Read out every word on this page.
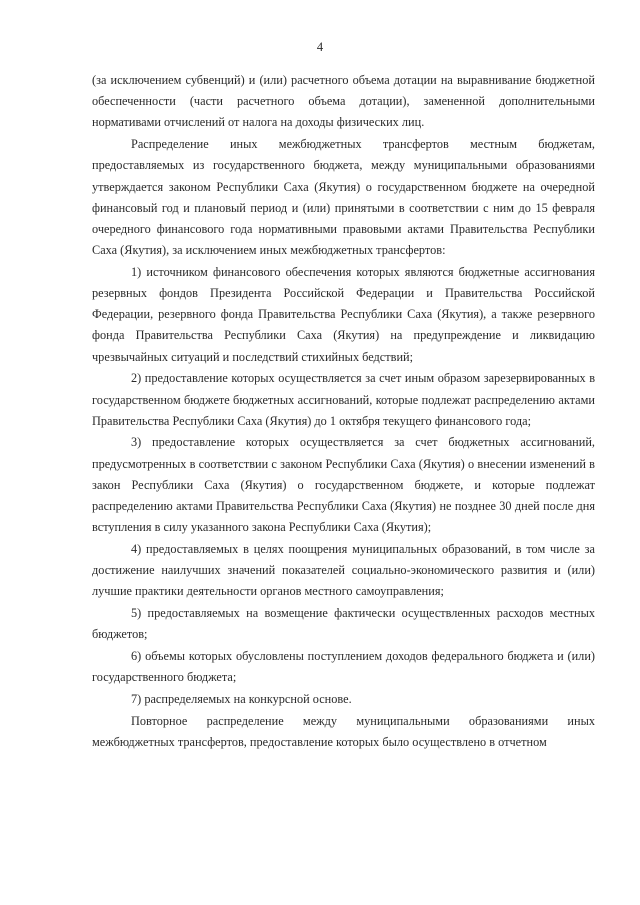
4

(за исключением субвенций) и (или) расчетного объема дотации на выравнивание бюджетной обеспеченности (части расчетного объема дотации), замененной дополнительными нормативами отчислений от налога на доходы физических лиц.

Распределение иных межбюджетных трансфертов местным бюджетам, предоставляемых из государственного бюджета, между муниципальными образованиями утверждается законом Республики Саха (Якутия) о государственном бюджете на очередной финансовый год и плановый период и (или) принятыми в соответствии с ним до 15 февраля очередного финансового года нормативными правовыми актами Правительства Республики Саха (Якутия), за исключением иных межбюджетных трансфертов:

1) источником финансового обеспечения которых являются бюджетные ассигнования резервных фондов Президента Российской Федерации и Правительства Российской Федерации, резервного фонда Правительства Республики Саха (Якутия), а также резервного фонда Правительства Республики Саха (Якутия) на предупреждение и ликвидацию чрезвычайных ситуаций и последствий стихийных бедствий;

2) предоставление которых осуществляется за счет иным образом зарезервированных в государственном бюджете бюджетных ассигнований, которые подлежат распределению актами Правительства Республики Саха (Якутия) до 1 октября текущего финансового года;

3) предоставление которых осуществляется за счет бюджетных ассигнований, предусмотренных в соответствии с законом Республики Саха (Якутия) о внесении изменений в закон Республики Саха (Якутия) о государственном бюджете, и которые подлежат распределению актами Правительства Республики Саха (Якутия) не позднее 30 дней после дня вступления в силу указанного закона Республики Саха (Якутия);

4) предоставляемых в целях поощрения муниципальных образований, в том числе за достижение наилучших значений показателей социально-экономического развития и (или) лучшие практики деятельности органов местного самоуправления;

5) предоставляемых на возмещение фактически осуществленных расходов местных бюджетов;

6) объемы которых обусловлены поступлением доходов федерального бюджета и (или) государственного бюджета;

7) распределяемых на конкурсной основе.

Повторное распределение между муниципальными образованиями иных межбюджетных трансфертов, предоставление которых было осуществлено в отчетном
